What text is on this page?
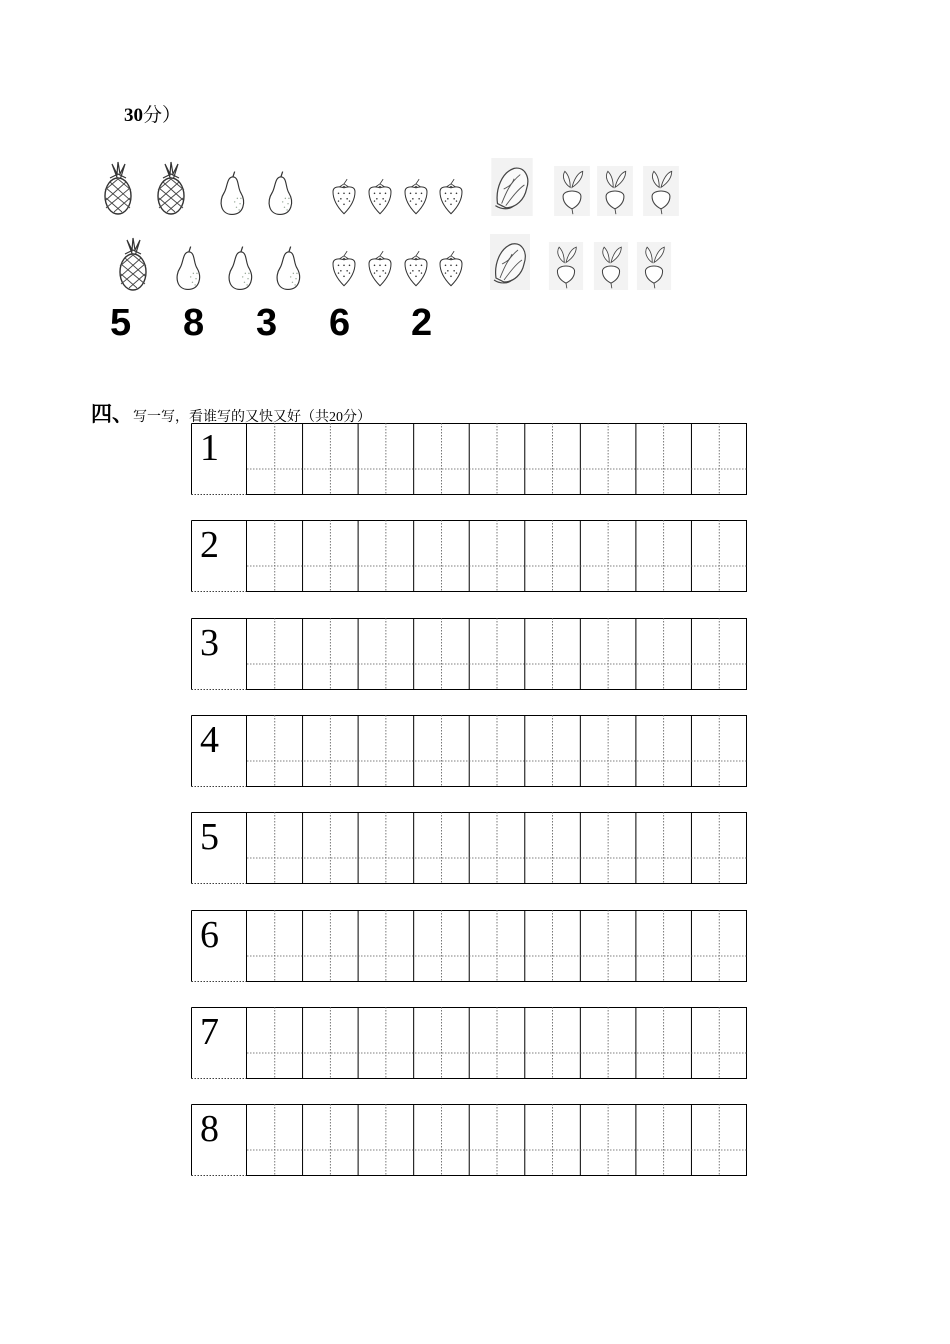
30分）
5 8 3 6 2
四、写一写，看谁写的又快又好（共20分）
1
2
3
4
5
6
7
8
